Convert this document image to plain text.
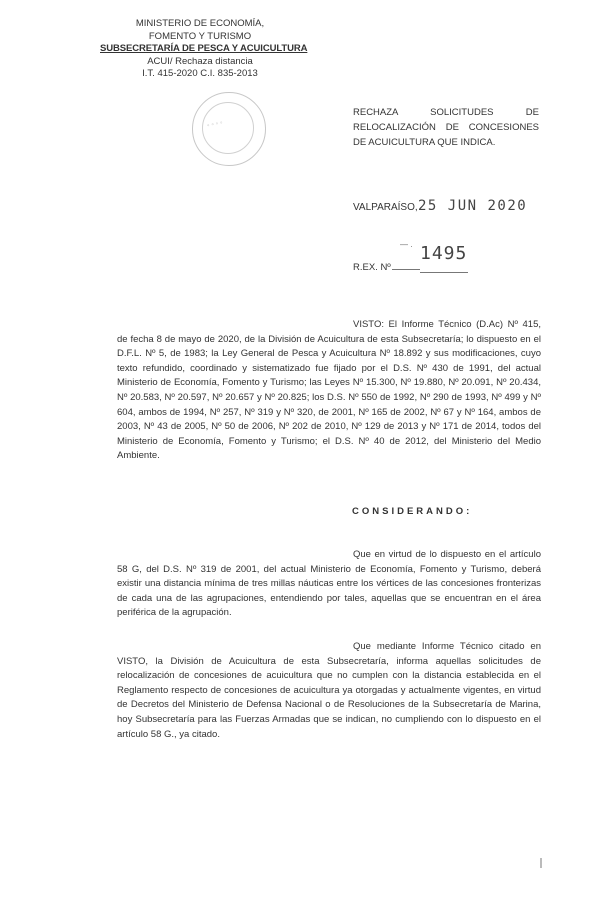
MINISTERIO DE ECONOMÍA,
FOMENTO Y TURISMO
SUBSECRETARÍA DE PESCA Y ACUICULTURA
ACUI/ Rechaza distancia
I.T. 415-2020 C.I. 835-2013
◦ ◦ ◦ ◦
RECHAZA SOLICITUDES DE RELOCALIZACIÓN DE CONCESIONES DE ACUICULTURA QUE INDICA.
VALPARAÍSO, 25 JUN 2020
— . 1495
R.EX. Nº
VISTO: El Informe Técnico (D.Ac) Nº 415, de fecha 8 de mayo de 2020, de la División de Acuicultura de esta Subsecretaría; lo dispuesto en el D.F.L. Nº 5, de 1983; la Ley General de Pesca y Acuicultura Nº 18.892 y sus modificaciones, cuyo texto refundido, coordinado y sistematizado fue fijado por el D.S. Nº 430 de 1991, del actual Ministerio de Economía, Fomento y Turismo; las Leyes Nº 15.300, Nº 19.880, Nº 20.091, Nº 20.434, Nº 20.583, Nº 20.597, Nº 20.657 y Nº 20.825; los D.S. Nº 550 de 1992, Nº 290 de 1993, Nº 499 y Nº 604, ambos de 1994, Nº 257, Nº 319 y Nº 320, de 2001, Nº 165 de 2002, Nº 67 y Nº 164, ambos de 2003, Nº 43 de 2005, Nº 50 de 2006, Nº 202 de 2010, Nº 129 de 2013 y Nº 171 de 2014, todos del Ministerio de Economía, Fomento y Turismo; el D.S. Nº 40 de 2012, del Ministerio del Medio Ambiente.
CONSIDERANDO:
Que en virtud de lo dispuesto en el artículo 58 G, del D.S. Nº 319 de 2001, del actual Ministerio de Economía, Fomento y Turismo, deberá existir una distancia mínima de tres millas náuticas entre los vértices de las concesiones fronterizas de cada una de las agrupaciones, entendiendo por tales, aquellas que se encuentran en el área periférica de la agrupación.
Que mediante Informe Técnico citado en VISTO, la División de Acuicultura de esta Subsecretaría, informa aquellas solicitudes de relocalización de concesiones de acuicultura que no cumplen con la distancia establecida en el Reglamento respecto de concesiones de acuicultura ya otorgadas y actualmente vigentes, en virtud de Decretos del Ministerio de Defensa Nacional o de Resoluciones de la Subsecretaría de Marina, hoy Subsecretaría para las Fuerzas Armadas que se indican, no cumpliendo con lo dispuesto en el artículo 58 G., ya citado.
